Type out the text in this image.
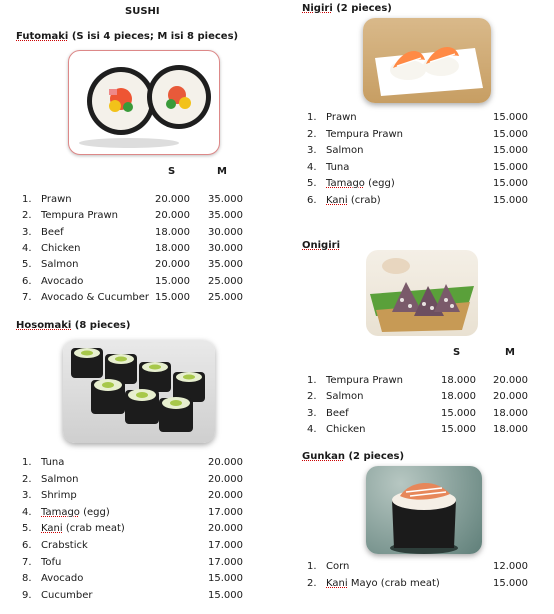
SUSHI
Futomaki (S isi 4 pieces; M isi 8 pieces)
S	M
1. Prawn	20.000	35.000
2. Tempura Prawn	20.000	35.000
3. Beef	18.000	30.000
4. Chicken	18.000	30.000
5. Salmon	20.000	35.000
6. Avocado	15.000	25.000
7. Avocado & Cucumber 15.000	25.000
Hosomaki (8 pieces)
1. Tuna	20.000
2. Salmon	20.000
3. Shrimp	20.000
4. Tamago (egg)	17.000
5. Kani (crab meat)	20.000
6. Crabstick	17.000
7. Tofu	17.000
8. Avocado	15.000
9. Cucumber	15.000
Nigiri (2 pieces)
1. Prawn	15.000
2. Tempura Prawn	15.000
3. Salmon	15.000
4. Tuna	15.000
5. Tamago (egg)	15.000
6. Kani (crab)	15.000
Onigiri
S	M
1. Tempura Prawn	18.000	20.000
2. Salmon	18.000	20.000
3. Beef	15.000	18.000
4. Chicken	15.000	18.000
Gunkan (2 pieces)
1. Corn	12.000
2. Kani Mayo (crab meat)	15.000
